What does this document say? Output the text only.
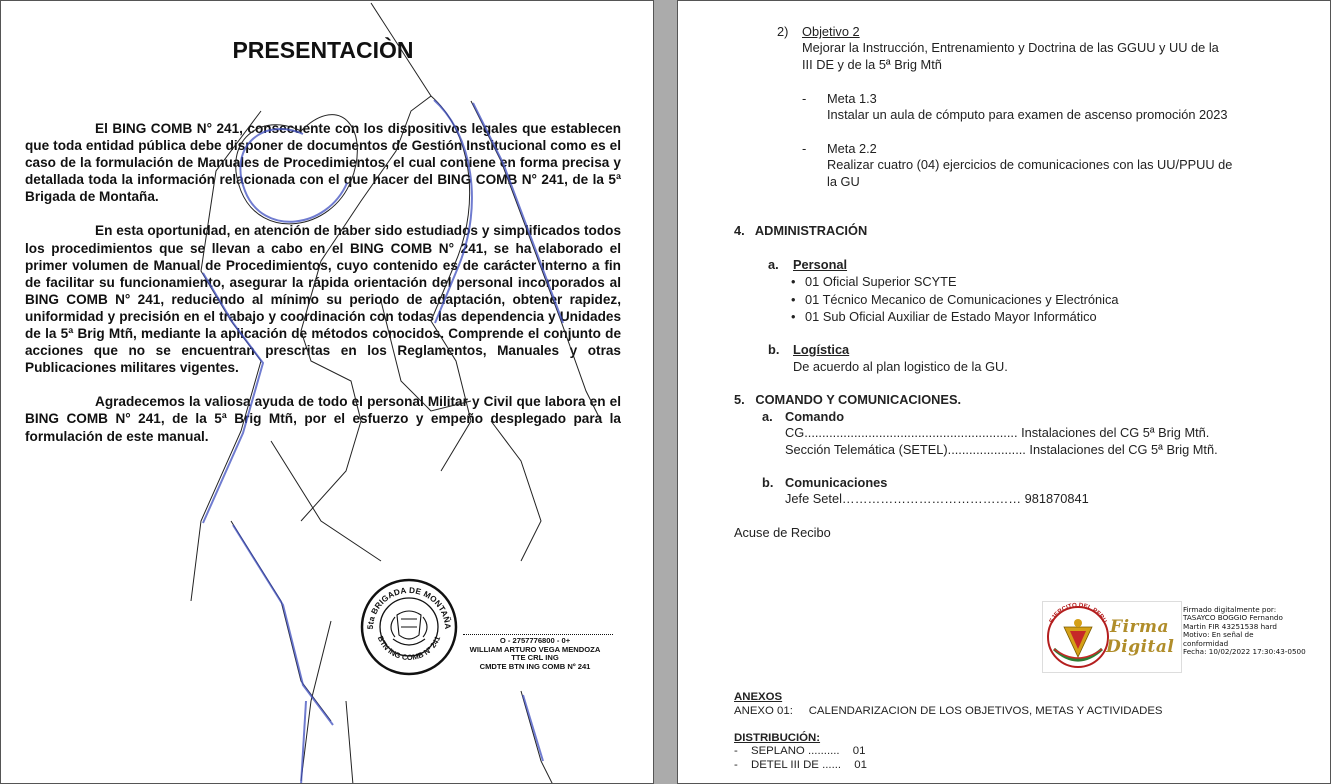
PRESENTACIÒN

El BING COMB N° 241, consecuente con los dispositivos legales que establecen que toda entidad pública debe disponer de documentos de Gestión Institucional como es el caso de la formulación de Manuales de Procedimientos, el cual contiene en forma precisa y detallada toda la información relacionada con el que hacer del BING COMB N° 241, de la 5ª Brigada de Montaña.

En esta oportunidad, en atención de haber sido estudiados y simplificados todos los procedimientos que se llevan a cabo en el BING COMB N° 241, se ha elaborado el primer volumen de Manual de Procedimientos, cuyo contenido es de carácter interno a fin de facilitar su funcionamiento, asegurar la rápida orientación del personal incorporados al BING COMB N° 241, reduciendo al mínimo su periodo de adaptación, obtener rapidez, uniformidad y precisión en el trabajo y coordinación con todas las dependencia y Unidades de la 5ª Brig Mtñ, mediante la aplicación de métodos conocidos. Comprende el conjunto de acciones que no se encuentran prescritas en los Reglamentos, Manuales y otras Publicaciones militares vigentes.

Agradecemos la valiosa ayuda de todo el personal Militar y Civil que labora en el BING COMB N° 241, de la 5ª Brig Mtñ, por el esfuerzo y empeño desplegado para la formulación de este manual.

5ta BRIGADA DE MONTAÑA
BTN ING COMB Nº 241	O - 2757776800 - 0+
WILLIAM ARTURO VEGA MENDOZA
TTE CRL ING
CMDTE BTN ING COMB Nº 241
2) Objetivo 2
Mejorar la Instrucción, Entrenamiento y Doctrina de las GGUU y UU de la
III DE y de la 5ª Brig Mtñ
- Meta 1.3
Instalar un aula de cómputo para examen de ascenso promoción 2023
- Meta 2.2
Realizar cuatro (04) ejercicios de comunicaciones con las UU/PPUU de
la GU
4.   ADMINISTRACIÓN
a. Personal
• 01 Oficial Superior SCYTE
• 01 Técnico Mecanico de Comunicaciones y Electrónica
• 01 Sub Oficial Auxiliar de Estado Mayor Informático
b. Logística
De acuerdo al plan logistico de la GU.
5.   COMANDO Y COMUNICACIONES.
a. Comando
CG............................................................ Instalaciones del CG 5ª Brig Mtñ.
Sección Telemática (SETEL)...................... Instalaciones del CG 5ª Brig Mtñ.
b. Comunicaciones
Jefe Setel…………………………………… 981870841
Acuse de Recibo
EJERCITO DEL PERU Firma
Digital
Firmado digitalmente por:
TASAYCO BOGGIO Fernando
Martin FIR 43251538 hard
Motivo: En señal de
conformidad
Fecha: 10/02/2022 17:30:43-0500
ANEXOS
ANEXO 01:     CALENDARIZACION DE LOS OBJETIVOS, METAS Y ACTIVIDADES
DISTRIBUCIÓN:
- SEPLANO .......... 01
- DETEL III DE ...... 01
